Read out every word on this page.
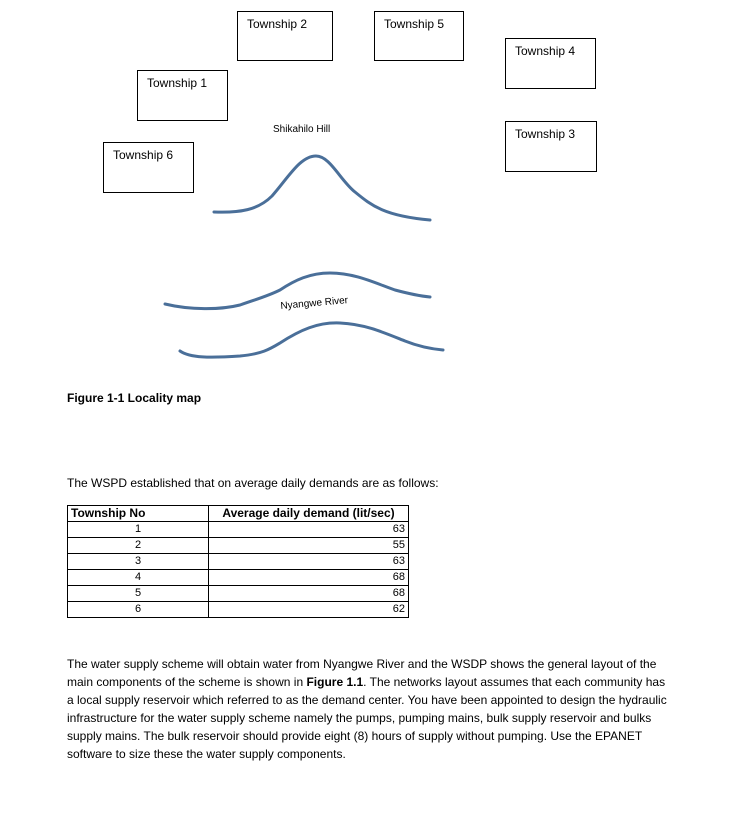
Township 2	Township 5
Township 4
Township 1
Township 3
Township 6
Shikahilo Hill
Nyangwe River
Figure 1-1 Locality map
The WSPD established that on average daily demands are as follows:
Township No	Average daily demand (lit/sec)
1	63
2	55
3	63
4	68
5	68
6	62
The water supply scheme will obtain water from Nyangwe River and the WSDP shows the general layout of the main components of the scheme is shown in Figure 1.1. The networks layout assumes that each community has a local supply reservoir which referred to as the demand center. You have been appointed to design the hydraulic infrastructure for the water supply scheme namely the pumps, pumping mains, bulk supply reservoir and bulks supply mains. The bulk reservoir should provide eight (8) hours of supply without pumping. Use the EPANET software to size these the water supply components.
